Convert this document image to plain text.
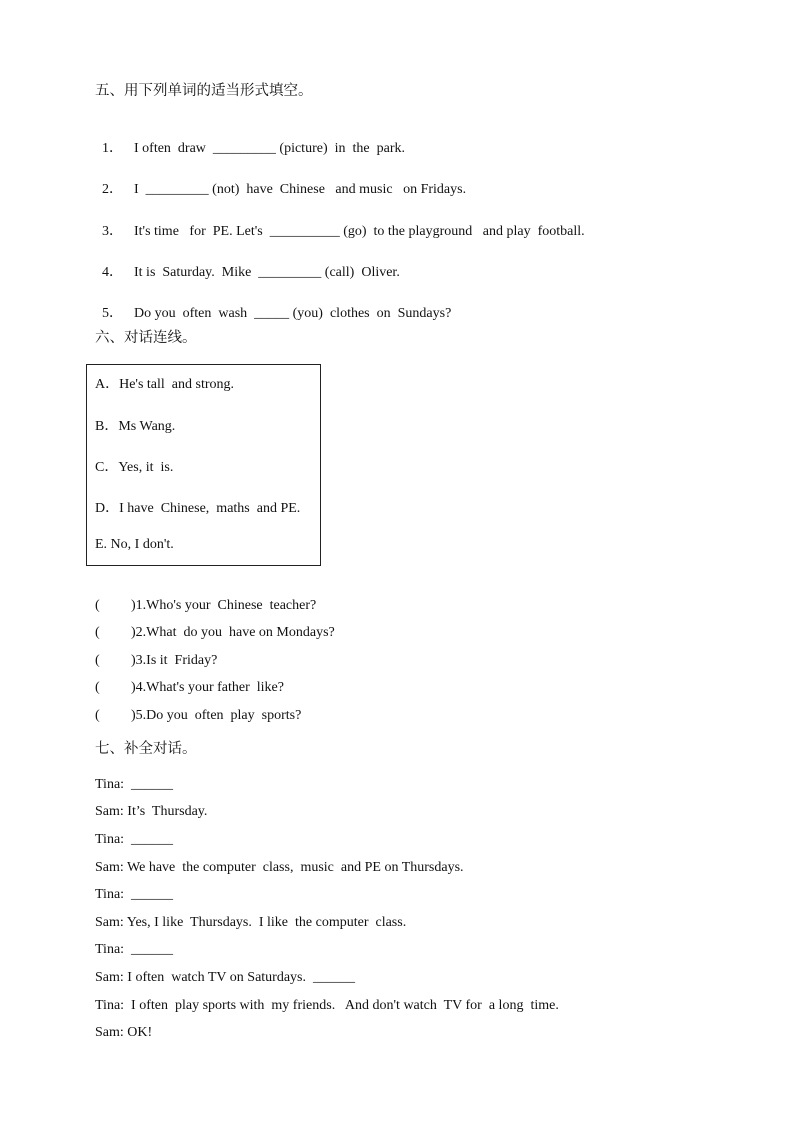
五、用下列单词的适当形式填空。

1． I often  draw  _________ (picture)  in  the  park.

2． I  _________ (not)  have  Chinese   and music   on Fridays.

3． It's time   for  PE. Let's  __________ (go)  to the playground   and play  football.

4． It is  Saturday.  Mike  _________ (call)  Oliver.

5． Do you  often  wash  _____ (you)  clothes  on  Sundays?

六、对话连线。
A．He's tall  and strong.
B．Ms Wang.
C．Yes, it  is.
D．I have  Chinese,  maths  and PE.
E. No, I don't.
( )1.Who's your  Chinese  teacher?
( )2.What  do you  have on Mondays?
( )3.Is it  Friday?
( )4.What's your father  like?
( )5.Do you  often  play  sports?
七、补全对话。
Tina:  ______
Sam: It’s  Thursday.
Tina:  ______
Sam: We have  the computer  class,  music  and PE on Thursdays.
Tina:  ______
Sam: Yes, I like  Thursdays.  I like  the computer  class.
Tina:  ______
Sam: I often  watch TV on Saturdays.  ______
Tina:  I often  play sports with  my friends.   And don't watch  TV for  a long  time.
Sam: OK!
